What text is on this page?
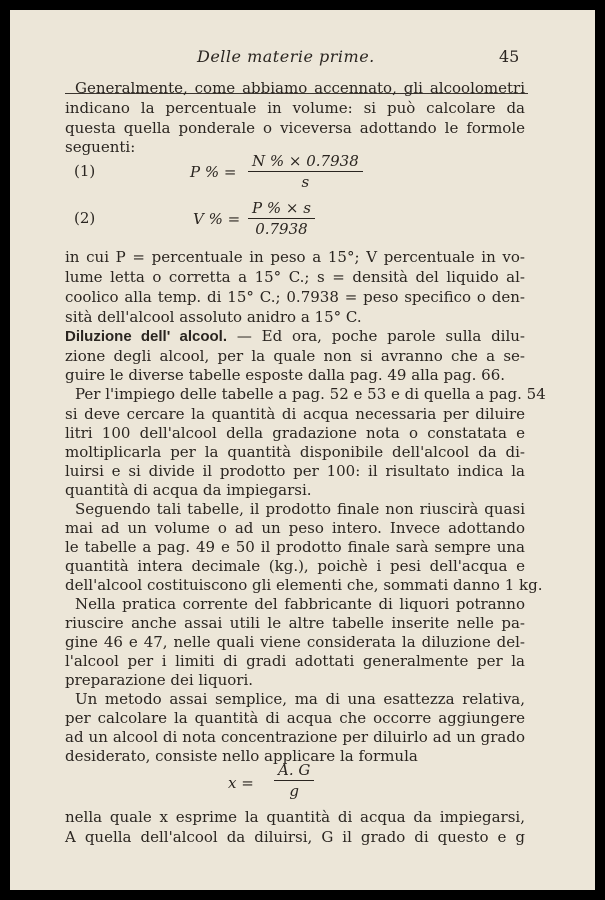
Delle materie prime.	45
Generalmente, come abbiamo accennato, gli alcoolometri
indicano la percentuale in volume: si può calcolare da
questa quella ponderale o viceversa adottando le formole
seguenti:
(1)	P % = $\frac{N \% \times 0.7938}{s}$
(2)	V % = $\frac{P \% \times s}{0.7938}$
in cui P = percentuale in peso a 15°; V percentuale in vo-
lume letta o corretta a 15° C.; s = densità del liquido al-
coolico alla temp. di 15° C.; 0.7938 = peso specifico o den-
sità dell'alcool assoluto anidro a 15° C.
Diluzione dell' alcool. — Ed ora, poche parole sulla dilu-
zione degli alcool, per la quale non si avranno che a se-
guire le diverse tabelle esposte dalla pag. 49 alla pag. 66.
Per l'impiego delle tabelle a pag. 52 e 53 e di quella a pag. 54
si deve cercare la quantità di acqua necessaria per diluire
litri 100 dell'alcool della gradazione nota o constatata e
moltiplicarla per la quantità disponibile dell'alcool da di-
luirsi e si divide il prodotto per 100: il risultato indica la
quantità di acqua da impiegarsi.
Seguendo tali tabelle, il prodotto finale non riuscirà quasi
mai ad un volume o ad un peso intero. Invece adottando
le tabelle a pag. 49 e 50 il prodotto finale sarà sempre una
quantità intera decimale (kg.), poichè i pesi dell'acqua e
dell'alcool costituiscono gli elementi che, sommati danno 1 kg.
Nella pratica corrente del fabbricante di liquori potranno
riuscire anche assai utili le altre tabelle inserite nelle pa-
gine 46 e 47, nelle quali viene considerata la diluzione del-
l'alcool per i limiti di gradi adottati generalmente per la
preparazione dei liquori.
Un metodo assai semplice, ma di una esattezza relativa,
per calcolare la quantità di acqua che occorre aggiungere
ad un alcool di nota concentrazione per diluirlo ad un grado
desiderato, consiste nello applicare la formula
$x = \frac{A. G}{g}$
nella quale x esprime la quantità di acqua da impiegarsi,
A quella dell'alcool da diluirsi, G il grado di questo e g
